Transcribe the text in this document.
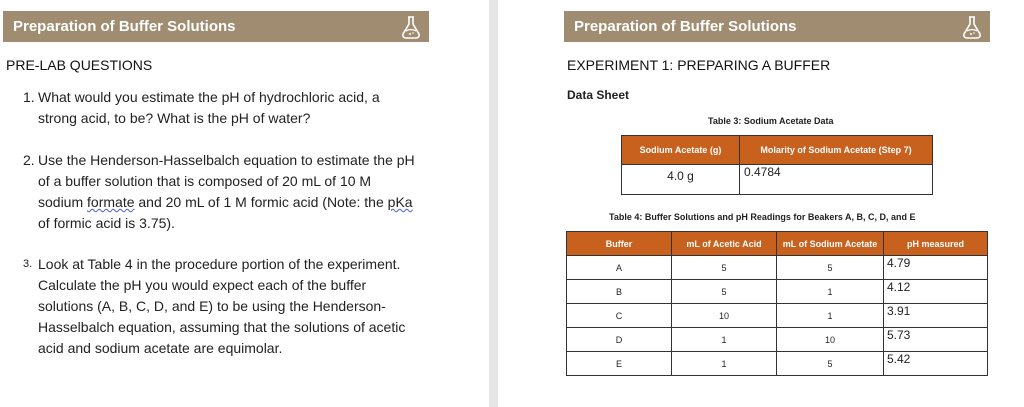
Preparation of Buffer Solutions
PRE-LAB QUESTIONS
1. What would you estimate the pH of hydrochloric acid, a
strong acid, to be? What is the pH of water?
2. Use the Henderson-Hasselbalch equation to estimate the pH
of a buffer solution that is composed of 20 mL of 10 M
sodium formate and 20 mL of 1 M formic acid (Note: the pKa
of formic acid is 3.75).
3. Look at Table 4 in the procedure portion of the experiment.
Calculate the pH you would expect each of the buffer
solutions (A, B, C, D, and E) to be using the Henderson-
Hasselbalch equation, assuming that the solutions of acetic
acid and sodium acetate are equimolar.
Preparation of Buffer Solutions
EXPERIMENT 1: PREPARING A BUFFER
Data Sheet
Table 3: Sodium Acetate Data
Sodium Acetate (g)	Molarity of Sodium Acetate (Step 7)
4.0 g	0.4784
Table 4: Buffer Solutions and pH Readings for Beakers A, B, C, D, and E
Buffer	mL of Acetic Acid	mL of Sodium Acetate	pH measured
A	5	5	4.79
B	5	1	4.12
C	10	1	3.91
D	1	10	5.73
E	1	5	5.42
